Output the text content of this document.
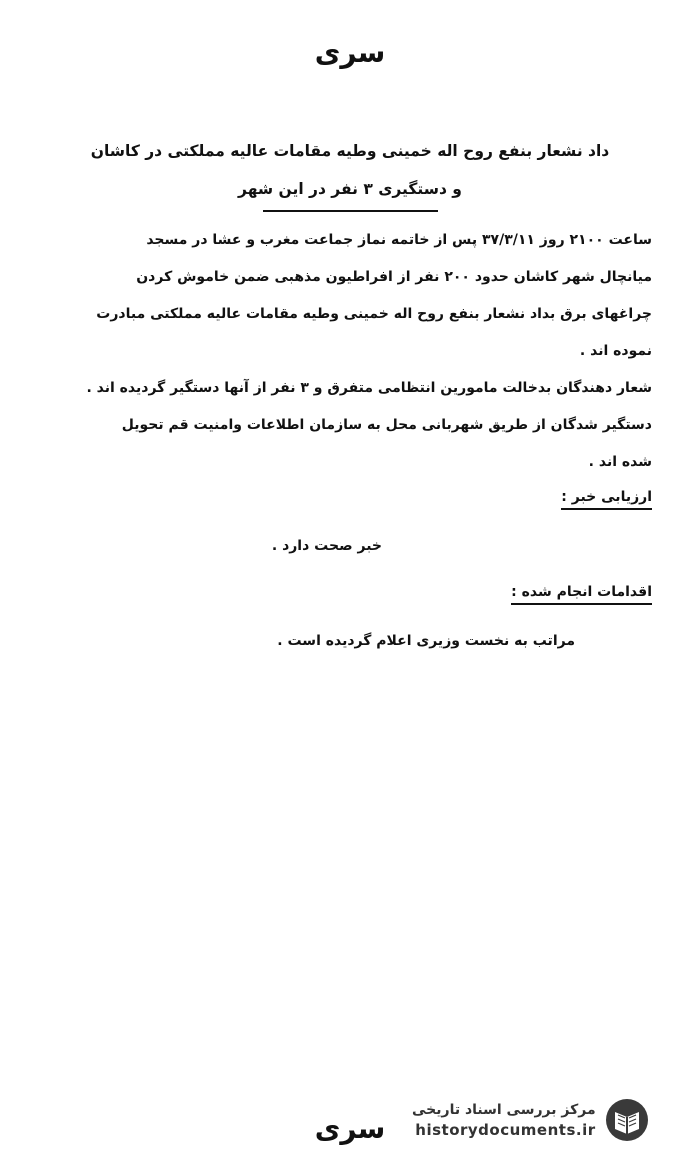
سری
داد نشعار بنفع روح اله خمینی وطیه مقامات عالیه مملکتی در کاشان
و دستگیری ۳ نفر در این شهر
ساعت ۲۱۰۰ روز ۳۷/۳/۱۱ پس از خاتمه نماز جماعت مغرب و عشا در مسجد
میانچال شهر کاشان حدود ۲۰۰ نفر از افراطیون مذهبی ضمن خاموش کردن
چراغهای برق بداد نشعار بنفع روح اله خمینی وطیه مقامات عالیه مملکتی مبادرت
نموده اند .
شعار دهندگان بدخالت مامورین انتظامی متفرق و ۳ نفر از آنها دستگیر گردیده اند .
دستگیر شدگان از طریق شهربانی محل به سازمان اطلاعات وامنیت قم تحویل
شده اند .
ارزیابی خبر :
خبر صحت دارد .
اقدامات انجام شده :
مراتب به نخست وزیری اعلام گردیده است .
سری
مرکز بررسی اسناد تاریخی
historydocuments.ir
